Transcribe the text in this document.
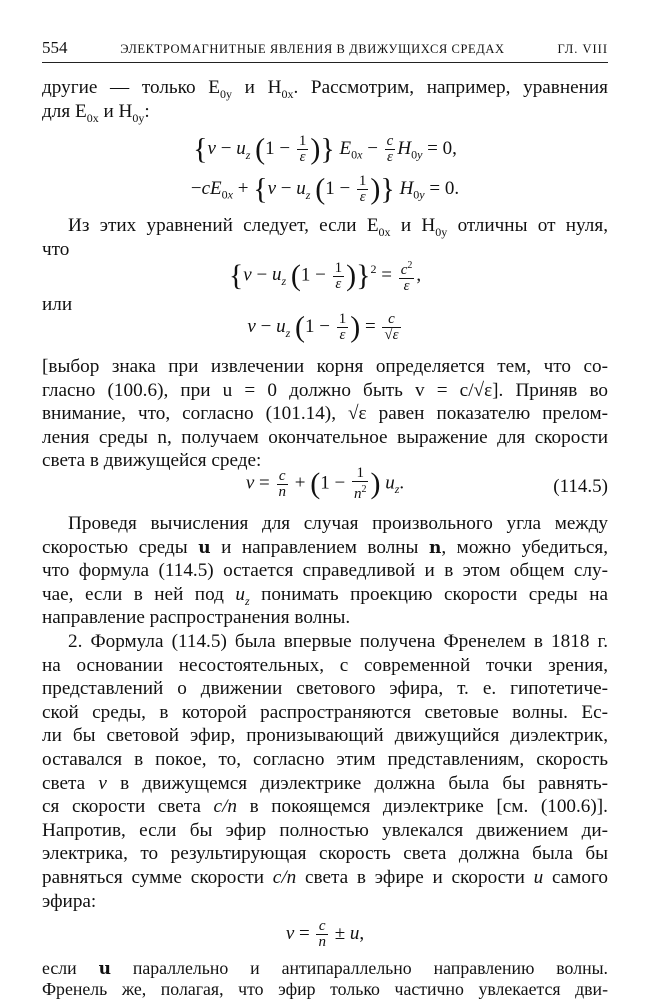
554	ЭЛЕКТРОМАГНИТНЫЕ ЯВЛЕНИЯ В ДВИЖУЩИХСЯ СРЕДАХ	ГЛ. VIII
другие — только $E_{0y}$ и $H_{0x}$. Рассмотрим, например, уравнения
для $E_{0x}$ и $H_{0y}$:
{$v - u_z$ ($1 - \frac{1}{\varepsilon}$ )} $E_{0x} - \frac{c}{\varepsilon} H_{0y} = 0$,
$-cE_{0x} + \{v - u_z$ ($1 - \frac{1}{\varepsilon}$ )} $H_{0y} = 0$.
Из этих уравнений следует, если $E_{0x}$ и $H_{0y}$ отличны от нуля,
что
{$v - u_z$ $(1 - \frac{1}{\varepsilon} )\}^2 = \frac{c^2}{\varepsilon}$ ,
или
$v - u_z$ ($1 - \frac{1}{\varepsilon}$ ) = $\frac{c}{√\varepsilon}$
[выбор знака при извлечении корня определяется тем, что со-
гласно (100.6), при u = 0 должно быть v = c/√ε]. Приняв во
внимание, что, согласно (101.14), √ε равен показателю прелом-
ления среды n, получаем окончательное выражение для скорости
света в движущейся среде:
$v = \frac{c}{n} + (1 - \frac{1}{n^2}$ ) $u_z$.	(114.5)
Проведя вычисления для случая произвольного угла между
скоростью среды u и направлением волны n, можно убедиться,
что формула (114.5) остается справедливой и в этом общем слу-
чае, если в ней под $u_z$ понимать проекцию скорости среды на
направление распространения волны.
2. Формула (114.5) была впервые получена Френелем в 1818 г.
на основании несостоятельных, с современной точки зрения,
представлений о движении светового эфира, т. е. гипотетиче-
ской среды, в которой распространяются световые волны. Ес-
ли бы световой эфир, пронизывающий движущийся диэлектрик,
оставался в покое, то, согласно этим представлениям, скорость
света v в движущемся диэлектрике должна была бы равнять-
ся скорости света c/n в покоящемся диэлектрике [см. (100.6)].
Напротив, если бы эфир полностью увлекался движением ди-
электрика, то результирующая скорость света должна была бы
равняться сумме скорости c/n света в эфире и скорости u самого
эфира:
$v = \frac{c}{n} \pm u$,
если u параллельно и антипараллельно направлению волны.
Френель же, полагая, что эфир только частично увлекается дви-
